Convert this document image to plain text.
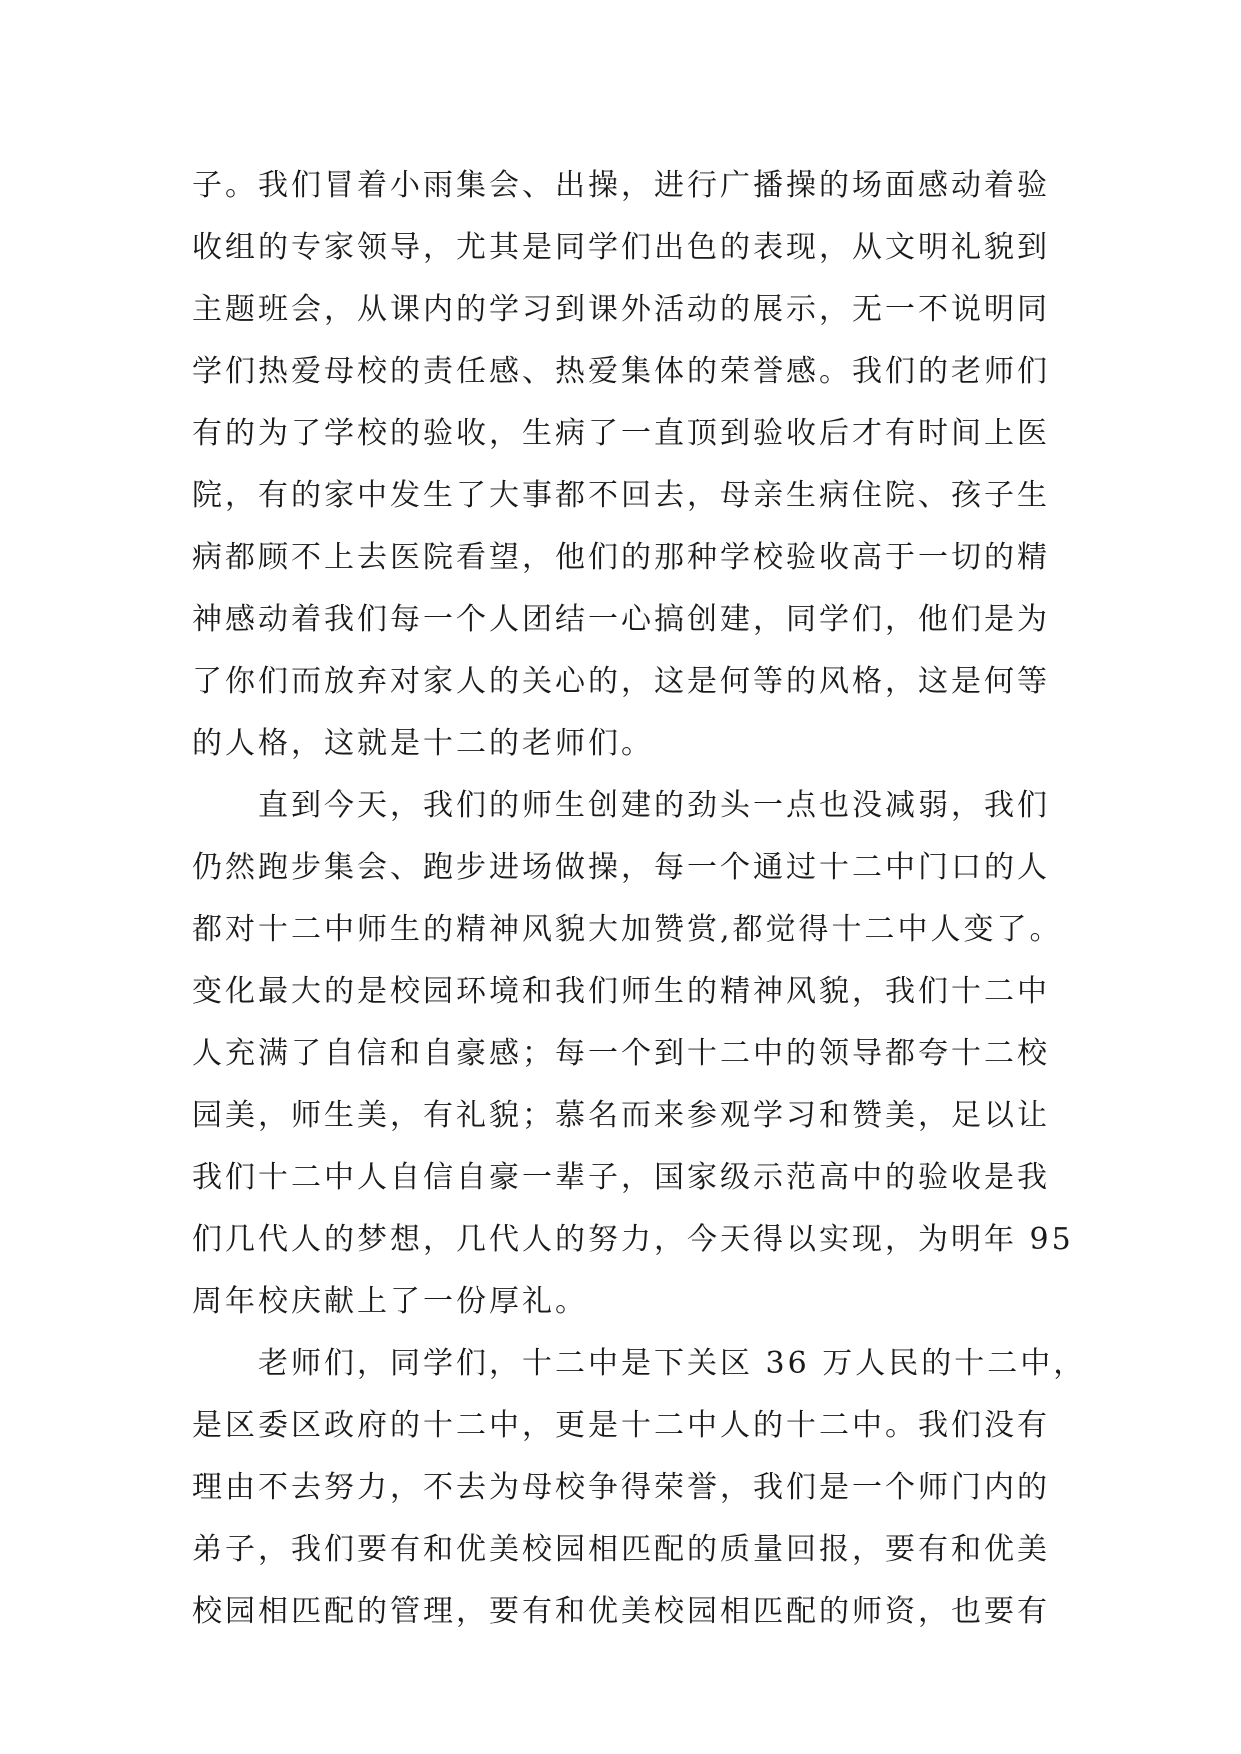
子。我们冒着小雨集会、出操，进行广播操的场面感动着验
收组的专家领导，尤其是同学们出色的表现，从文明礼貌到
主题班会，从课内的学习到课外活动的展示，无一不说明同
学们热爱母校的责任感、热爱集体的荣誉感。我们的老师们
有的为了学校的验收，生病了一直顶到验收后才有时间上医
院，有的家中发生了大事都不回去，母亲生病住院、孩子生
病都顾不上去医院看望，他们的那种学校验收高于一切的精
神感动着我们每一个人团结一心搞创建，同学们，他们是为
了你们而放弃对家人的关心的，这是何等的风格，这是何等
的人格，这就是十二的老师们。
直到今天，我们的师生创建的劲头一点也没减弱，我们
仍然跑步集会、跑步进场做操，每一个通过十二中门口的人
都对十二中师生的精神风貌大加赞赏,都觉得十二中人变了。
变化最大的是校园环境和我们师生的精神风貌，我们十二中
人充满了自信和自豪感；每一个到十二中的领导都夸十二校
园美，师生美，有礼貌；慕名而来参观学习和赞美，足以让
我们十二中人自信自豪一辈子，国家级示范高中的验收是我
们几代人的梦想，几代人的努力，今天得以实现，为明年 95
周年校庆献上了一份厚礼。
老师们，同学们，十二中是下关区 36 万人民的十二中，
是区委区政府的十二中，更是十二中人的十二中。我们没有
理由不去努力，不去为母校争得荣誉，我们是一个师门内的
弟子，我们要有和优美校园相匹配的质量回报，要有和优美
校园相匹配的管理，要有和优美校园相匹配的师资，也要有
